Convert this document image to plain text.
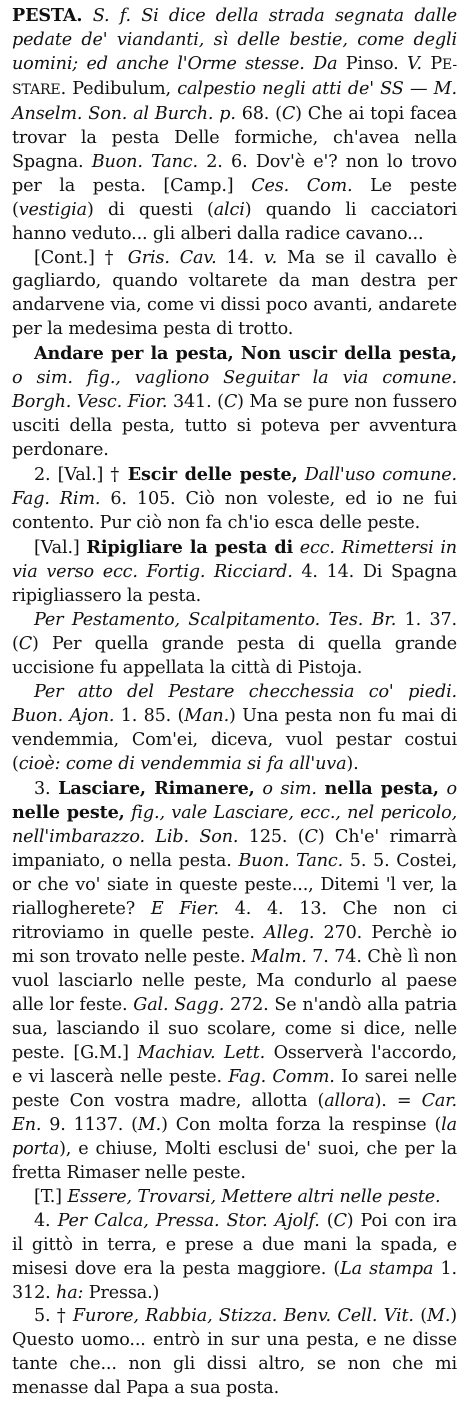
PESTA. S. f. Si dice della strada segnata dalle pedate de' viandanti, sì delle bestie, come degli uomini; ed anche l'Orme stesse. Da Pinso. V. PE-STARE. Pedibulum, calpestio negli atti de' SS — M. Anselm. Son. al Burch. p. 68. (C) Che ai topi facea trovar la pesta Delle formiche, ch'avea nella Spagna. Buon. Tanc. 2. 6. Dov'è e'? non lo trovo per la pesta. [Camp.] Ces. Com. Le peste (vestigia) di questi (alci) quando li cacciatori hanno veduto... gli alberi dalla radice cavano...

[Cont.] † Gris. Cav. 14. v. Ma se il cavallo è gagliardo, quando voltarete da man destra per andarvene via, come vi dissi poco avanti, andarete per la medesima pesta di trotto.

Andare per la pesta, Non uscir della pesta, o sim. fig., vagliono Seguitar la via comune. Borgh. Vesc. Fior. 341. (C) Ma se pure non fussero usciti della pesta, tutto si poteva per avventura perdonare.

2. [Val.] † Escir delle peste, Dall'uso comune. Fag. Rim. 6. 105. Ciò non voleste, ed io ne fui contento. Pur ciò non fa ch'io esca delle peste.

[Val.] Ripigliare la pesta di ecc. Rimettersi in via verso ecc. Fortig. Ricciard. 4. 14. Di Spagna ripigliassero la pesta.

Per Pestamento, Scalpitamento. Tes. Br. 1. 37. (C) Per quella grande pesta di quella grande uccisione fu appellata la città di Pistoja.

Per atto del Pestare checchessia co' piedi. Buon. Ajon. 1. 85. (Man.) Una pesta non fu mai di vendemmia, Com'ei, diceva, vuol pestar costui (cioè: come di vendemmia si fa all'uva).

3. Lasciare, Rimanere, o sim. nella pesta, o nelle peste, fig., vale Lasciare, ecc., nel pericolo, nell'imbarazzo. Lib. Son. 125. (C) Ch'e' rimarrà impaniato, o nella pesta. Buon. Tanc. 5. 5. Costei, or che vo' siate in queste peste..., Ditemi 'l ver, la riallogherete? E Fier. 4. 4. 13. Che non ci ritroviamo in quelle peste. Alleg. 270. Perchè io mi son trovato nelle peste. Malm. 7. 74. Chè lì non vuol lasciarlo nelle peste, Ma condurlo al paese alle lor feste. Gal. Sagg. 272. Se n'andò alla patria sua, lasciando il suo scolare, come si dice, nelle peste. [G.M.] Machiav. Lett. Osserverà l'accordo, e vi lascerà nelle peste. Fag. Comm. Io sarei nelle peste Con vostra madre, allotta (allora). = Car. En. 9. 1137. (M.) Con molta forza la respinse (la porta), e chiuse, Molti esclusi de' suoi, che per la fretta Rimaser nelle peste.

[T.] Essere, Trovarsi, Mettere altri nelle peste.

4. Per Calca, Pressa. Stor. Ajolf. (C) Poi con ira il gittò in terra, e prese a due mani la spada, e misesi dove era la pesta maggiore. (La stampa 1. 312. ha: Pressa.)

5. † Furore, Rabbia, Stizza. Benv. Cell. Vit. (M.) Questo uomo... entrò in sur una pesta, e ne disse tante che... non gli dissi altro, se non che mi menasse dal Papa a sua posta.
